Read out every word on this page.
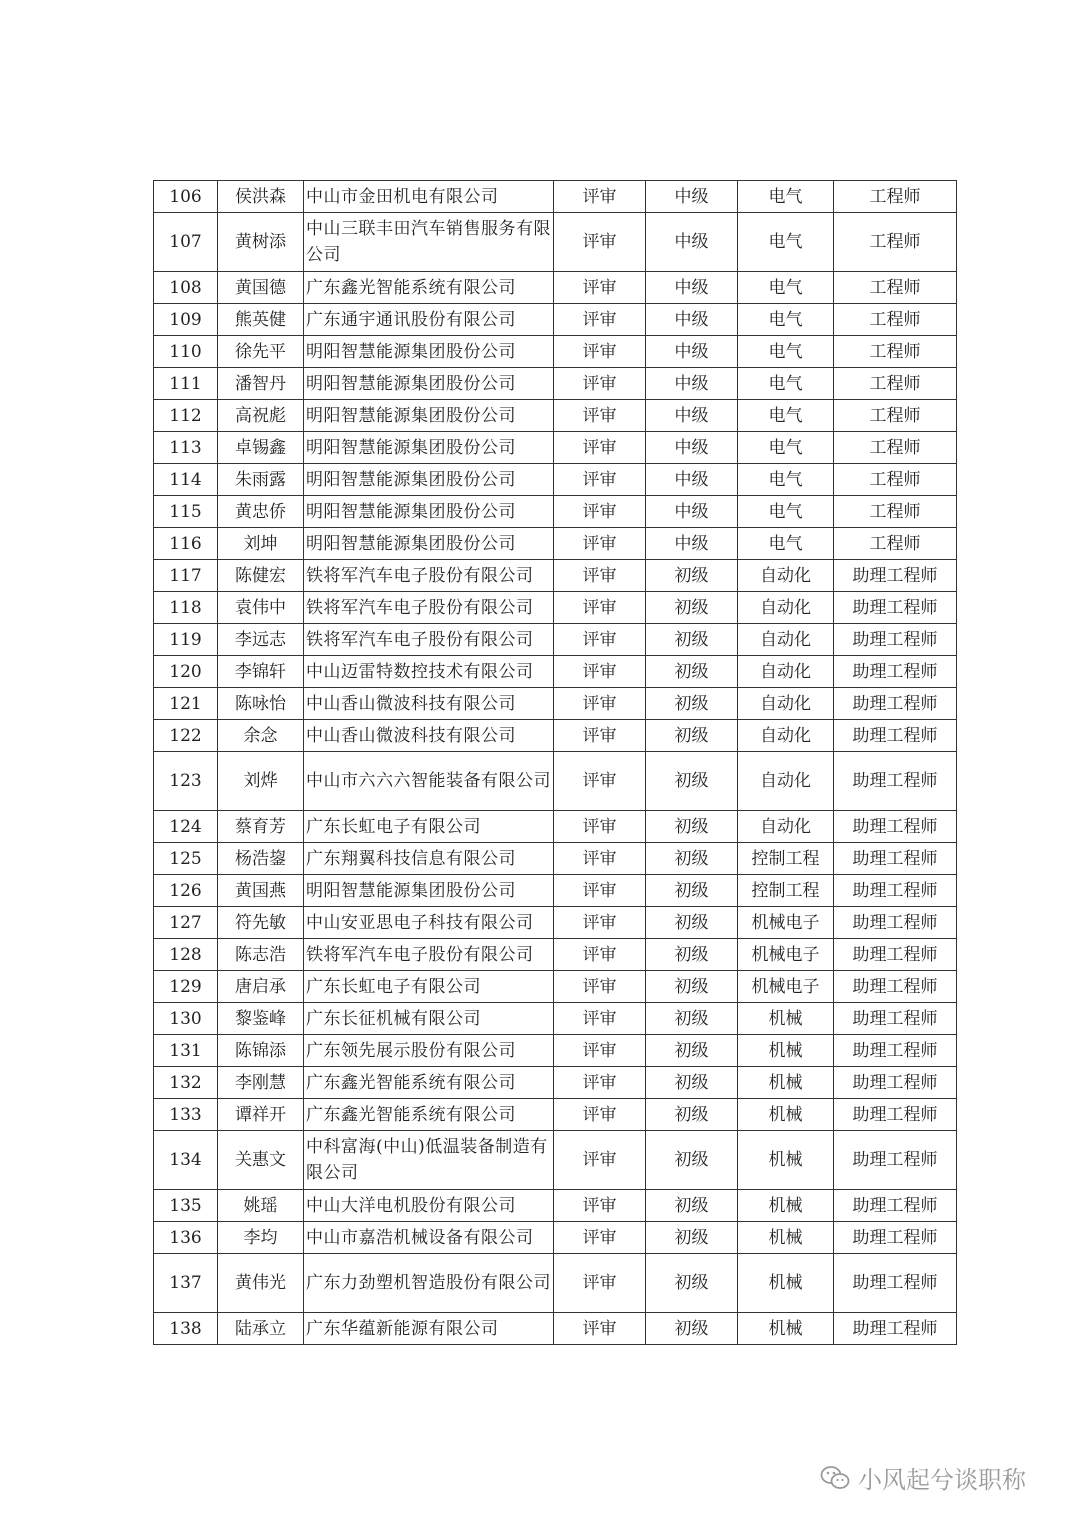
106	侯洪森	中山市金田机电有限公司	评审	中级	电气	工程师
107	黄树添	中山三联丰田汽车销售服务有限公司	评审	中级	电气	工程师
108	黄国德	广东鑫光智能系统有限公司	评审	中级	电气	工程师
109	熊英健	广东通宇通讯股份有限公司	评审	中级	电气	工程师
110	徐先平	明阳智慧能源集团股份公司	评审	中级	电气	工程师
111	潘智丹	明阳智慧能源集团股份公司	评审	中级	电气	工程师
112	高祝彪	明阳智慧能源集团股份公司	评审	中级	电气	工程师
113	卓锡鑫	明阳智慧能源集团股份公司	评审	中级	电气	工程师
114	朱雨露	明阳智慧能源集团股份公司	评审	中级	电气	工程师
115	黄忠侨	明阳智慧能源集团股份公司	评审	中级	电气	工程师
116	刘坤	明阳智慧能源集团股份公司	评审	中级	电气	工程师
117	陈健宏	铁将军汽车电子股份有限公司	评审	初级	自动化	助理工程师
118	袁伟中	铁将军汽车电子股份有限公司	评审	初级	自动化	助理工程师
119	李远志	铁将军汽车电子股份有限公司	评审	初级	自动化	助理工程师
120	李锦轩	中山迈雷特数控技术有限公司	评审	初级	自动化	助理工程师
121	陈咏怡	中山香山微波科技有限公司	评审	初级	自动化	助理工程师
122	余念	中山香山微波科技有限公司	评审	初级	自动化	助理工程师
123	刘烨	中山市六六六智能装备有限公司	评审	初级	自动化	助理工程师
124	蔡育芳	广东长虹电子有限公司	评审	初级	自动化	助理工程师
125	杨浩鋆	广东翔翼科技信息有限公司	评审	初级	控制工程	助理工程师
126	黄国燕	明阳智慧能源集团股份公司	评审	初级	控制工程	助理工程师
127	符先敏	中山安亚思电子科技有限公司	评审	初级	机械电子	助理工程师
128	陈志浩	铁将军汽车电子股份有限公司	评审	初级	机械电子	助理工程师
129	唐启承	广东长虹电子有限公司	评审	初级	机械电子	助理工程师
130	黎鉴峰	广东长征机械有限公司	评审	初级	机械	助理工程师
131	陈锦添	广东领先展示股份有限公司	评审	初级	机械	助理工程师
132	李刚慧	广东鑫光智能系统有限公司	评审	初级	机械	助理工程师
133	谭祥开	广东鑫光智能系统有限公司	评审	初级	机械	助理工程师
134	关惠文	中科富海(中山)低温装备制造有限公司	评审	初级	机械	助理工程师
135	姚瑶	中山大洋电机股份有限公司	评审	初级	机械	助理工程师
136	李均	中山市嘉浩机械设备有限公司	评审	初级	机械	助理工程师
137	黄伟光	广东力劲塑机智造股份有限公司	评审	初级	机械	助理工程师
138	陆承立	广东华蕴新能源有限公司	评审	初级	机械	助理工程师
小风起兮谈职称
